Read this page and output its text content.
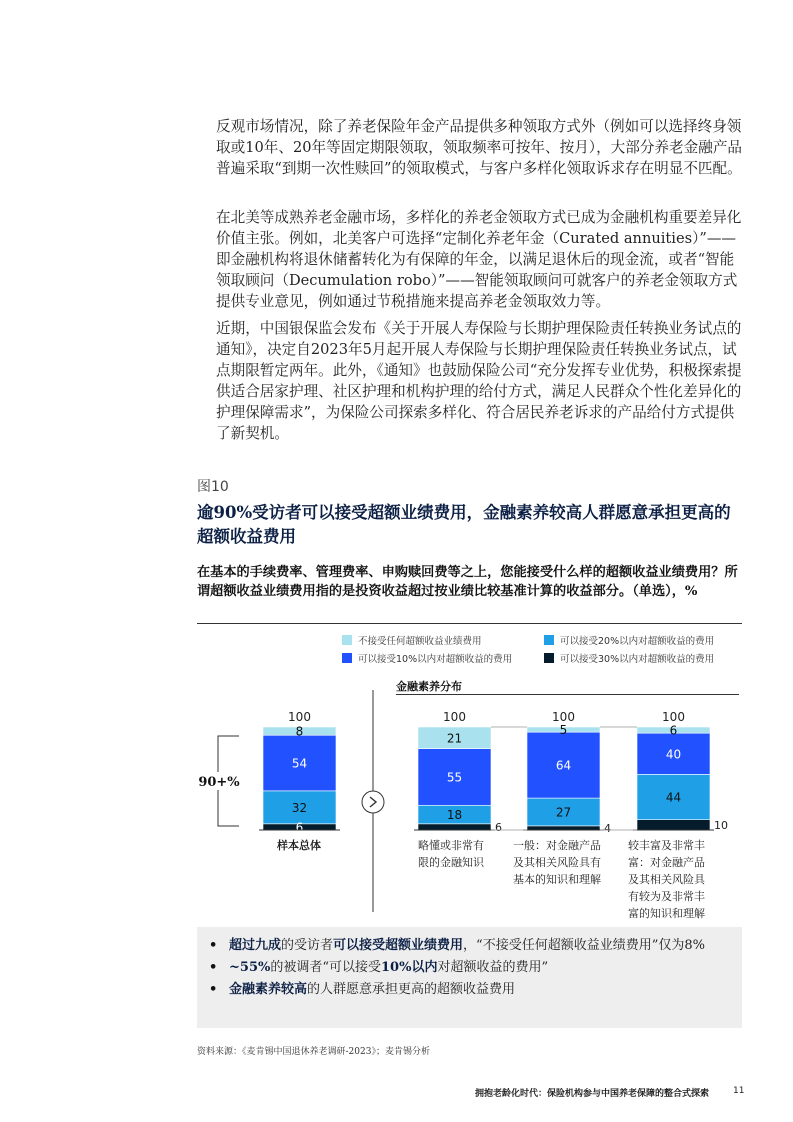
反观市场情况，除了养老保险年金产品提供多种领取方式外（例如可以选择终身领取或10年、20年等固定期限领取，领取频率可按年、按月），大部分养老金融产品普遍采取“到期一次性赎回”的领取模式，与客户多样化领取诉求存在明显不匹配。

在北美等成熟养老金融市场，多样化的养老金领取方式已成为金融机构重要差异化价值主张。例如，北美客户可选择“定制化养老年金（Curated annuities）”——即金融机构将退休储蓄转化为有保障的年金，以满足退休后的现金流，或者“智能领取顾问（Decumulation robo）”——智能领取顾问可就客户的养老金领取方式提供专业意见，例如通过节税措施来提高养老金领取效力等。

近期，中国银保监会发布《关于开展人寿保险与长期护理保险责任转换业务试点的通知》，决定自2023年5月起开展人寿保险与长期护理保险责任转换业务试点，试点期限暂定两年。此外，《通知》也鼓励保险公司“充分发挥专业优势，积极探索提供适合居家护理、社区护理和机构护理的给付方式，满足人民群众个性化差异化的护理保障需求”，为保险公司探索多样化、符合居民养老诉求的产品给付方式提供了新契机。

图10
逾90%受访者可以接受超额业绩费用，金融素养较高人群愿意承担更高的超额收益费用
在基本的手续费率、管理费率、申购赎回费等之上，您能接受什么样的超额收益业绩费用？所谓超额收益业绩费用指的是投资收益超过按业绩比较基准计算的收益部分。（单选），%
不接受任何超额收益业绩费用	可以接受20%以内对超额收益的费用
可以接受10%以内对超额收益的费用	可以接受30%以内对超额收益的费用
金融素养分布
90+%
6
32
54
8
100
6
18
55
21
100
4
27
64
5
100
10
44
40
6
100
样本总体	略懂或非常有
限的金融知识
一般：对金融产品
及其相关风险具有
基本的知识和理解
较丰富及非常丰
富：对金融产品
及其相关风险具
有较为及非常丰
富的知识和理解
• 超过九成的受访者可以接受超额业绩费用，“不接受任何超额收益业绩费用”仅为8%
• ~55%的被调者“可以接受10%以内对超额收益的费用”
• 金融素养较高的人群愿意承担更高的超额收益费用
资料来源：《麦肯锡中国退休养老调研-2023》；麦肯锡分析
拥抱老龄化时代：保险机构参与中国养老保障的整合式探索	11
